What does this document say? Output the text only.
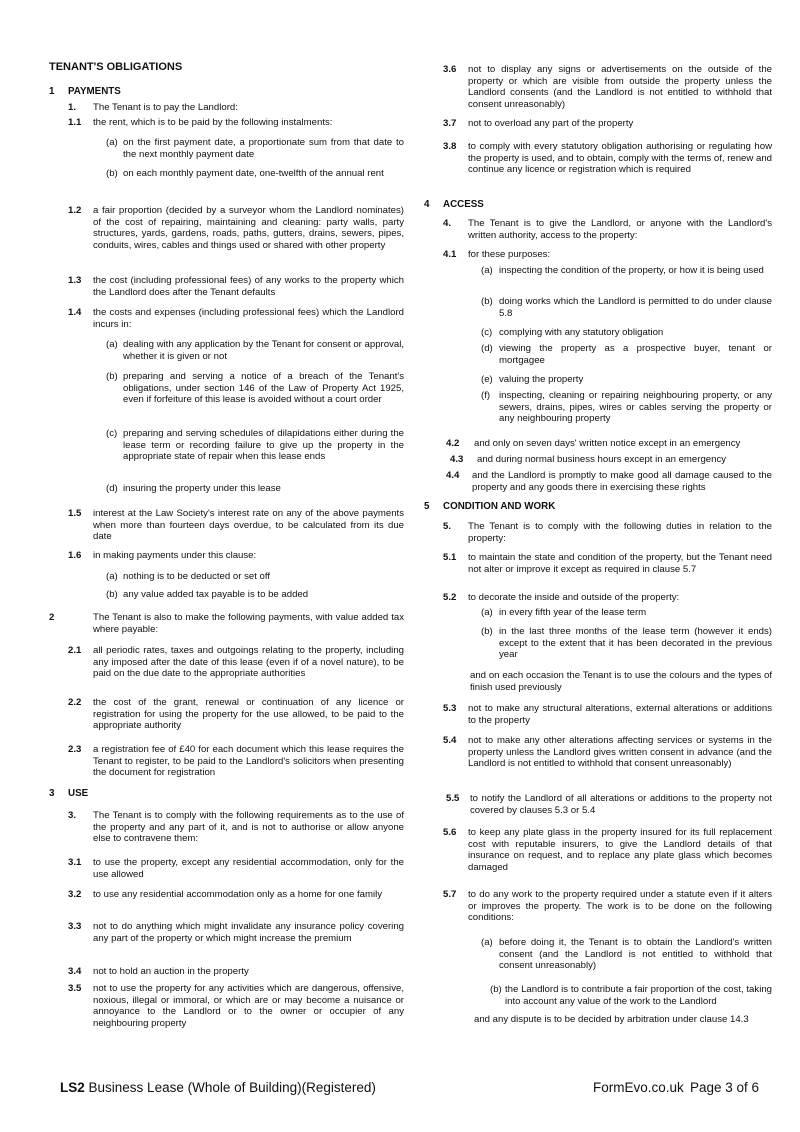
TENANT'S OBLIGATIONS
1 PAYMENTS
1. The Tenant is to pay the Landlord:
1.1 the rent, which is to be paid by the following instalments:
(a) on the first payment date, a proportionate sum from that date to the next monthly payment date
(b) on each monthly payment date, one-twelfth of the annual rent
1.2 a fair proportion (decided by a surveyor whom the Landlord nominates) of the cost of repairing, maintaining and cleaning: party walls, party structures, yards, gardens, roads, paths, gutters, drains, sewers, pipes, conduits, wires, cables and things used or shared with other property
1.3 the cost (including professional fees) of any works to the property which the Landlord does after the Tenant defaults
1.4 the costs and expenses (including professional fees) which the Landlord incurs in:
(a) dealing with any application by the Tenant for consent or approval, whether it is given or not
(b) preparing and serving a notice of a breach of the Tenant's obligations, under section 146 of the Law of Property Act 1925, even if forfeiture of this lease is avoided without a court order
(c) preparing and serving schedules of dilapidations either during the lease term or recording failure to give up the property in the appropriate state of repair when this lease ends
(d) insuring the property under this lease
1.5 interest at the Law Society's interest rate on any of the above payments when more than fourteen days overdue, to be calculated from its due date
1.6 in making payments under this clause:
(a) nothing is to be deducted or set off
(b) any value added tax payable is to be added
2	The Tenant is also to make the following payments, with value added tax where payable:
2.1 all periodic rates, taxes and outgoings relating to the property, including any imposed after the date of this lease (even if of a novel nature), to be paid on the due date to the appropriate authorities
2.2 the cost of the grant, renewal or continuation of any licence or registration for using the property for the use allowed, to be paid to the appropriate authority
2.3 a registration fee of £40 for each document which this lease requires the Tenant to register, to be paid to the Landlord's solicitors when presenting the document for registration
3 USE
3. The Tenant is to comply with the following requirements as to the use of the property and any part of it, and is not to authorise or allow anyone else to contravene them:
3.1 to use the property, except any residential accommodation, only for the use allowed
3.2 to use any residential accommodation only as a home for one family
3.3 not to do anything which might invalidate any insurance policy covering any part of the property or which might increase the premium
3.4 not to hold an auction in the property
3.5 not to use the property for any activities which are dangerous, offensive, noxious, illegal or immoral, or which are or may become a nuisance or annoyance to the Landlord or to the owner or occupier of any neighbouring property
3.6 not to display any signs or advertisements on the outside of the property or which are visible from outside the property unless the Landlord consents (and the Landlord is not entitled to withhold that consent unreasonably)
3.7 not to overload any part of the property
3.8 to comply with every statutory obligation authorising or regulating how the property is used, and to obtain, comply with the terms of, renew and continue any licence or registration which is required
4 ACCESS
4. The Tenant is to give the Landlord, or anyone with the Landlord's written authority, access to the property:
4.1 for these purposes:
(a) inspecting the condition of the property, or how it is being used
(b) doing works which the Landlord is permitted to do under clause 5.8
(c) complying with any statutory obligation
(d) viewing the property as a prospective buyer, tenant or mortgagee
(e) valuing the property
(f) inspecting, cleaning or repairing neighbouring property, or any sewers, drains, pipes, wires or cables serving the property or any neighbouring property
4.2 and only on seven days' written notice except in an emergency
4.3 and during normal business hours except in an emergency
4.4 and the Landlord is promptly to make good all damage caused to the property and any goods there in exercising these rights
5 CONDITION AND WORK
5. The Tenant is to comply with the following duties in relation to the property:
5.1 to maintain the state and condition of the property, but the Tenant need not alter or improve it except as required in clause 5.7
5.2 to decorate the inside and outside of the property:
(a) in every fifth year of the lease term
(b) in the last three months of the lease term (however it ends) except to the extent that it has been decorated in the previous year
and on each occasion the Tenant is to use the colours and the types of finish used previously
5.3 not to make any structural alterations, external alterations or additions to the property
5.4 not to make any other alterations affecting services or systems in the property unless the Landlord gives written consent in advance (and the Landlord is not entitled to withhold that consent unreasonably)
5.5 to notify the Landlord of all alterations or additions to the property not covered by clauses 5.3 or 5.4
5.6 to keep any plate glass in the property insured for its full replacement cost with reputable insurers, to give the Landlord details of that insurance on request, and to replace any plate glass which becomes damaged
5.7 to do any work to the property required under a statute even if it alters or improves the property. The work is to be done on the following conditions:
(a) before doing it, the Tenant is to obtain the Landlord's written consent (and the Landlord is not entitled to withhold that consent unreasonably)
(b) the Landlord is to contribute a fair proportion of the cost, taking into account any value of the work to the Landlord
and any dispute is to be decided by arbitration under clause 14.3
LS2 Business Lease (Whole of Building)(Registered)	FormEvo.co.uk Page 3 of 6
